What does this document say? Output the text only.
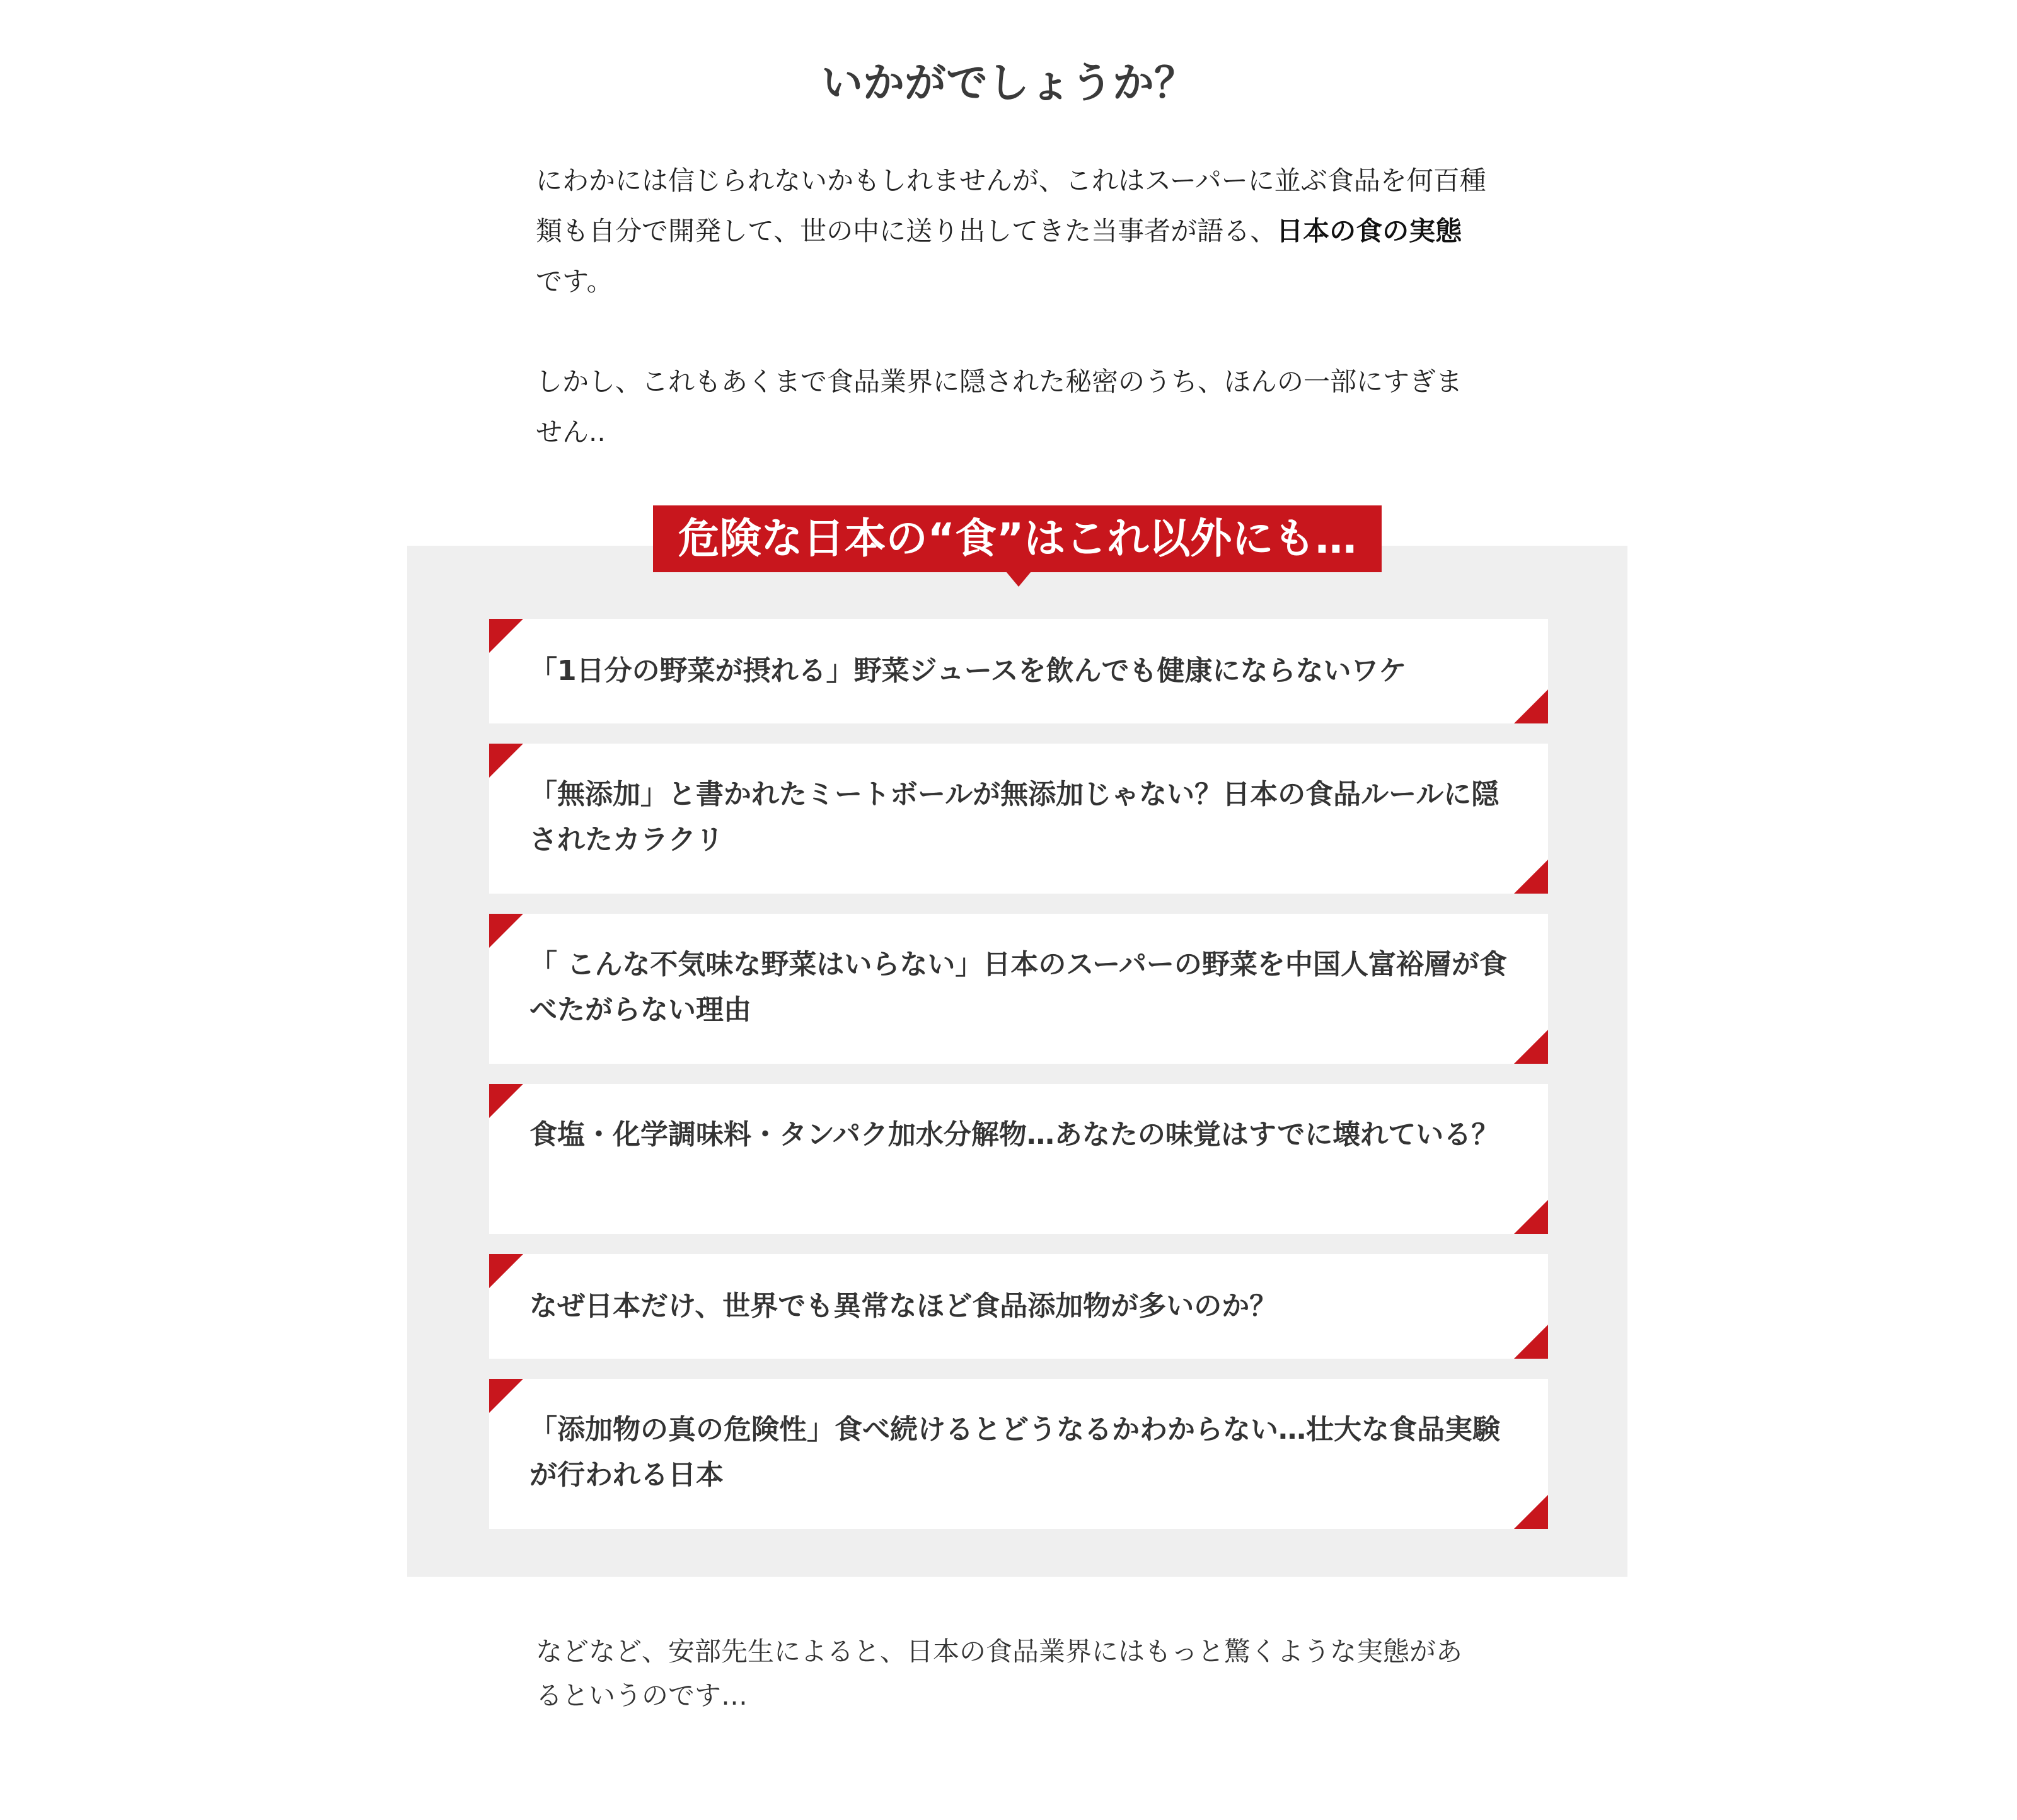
いかがでしょうか？

にわかには信じられないかもしれませんが、これはスーパーに並ぶ食品を何百種類も自分で開発して、世の中に送り出してきた当事者が語る、日本の食の実態です。

しかし、これもあくまで食品業界に隠された秘密のうち、ほんの一部にすぎません..

危険な日本の“食”はこれ以外にも…

「1日分の野菜が摂れる」野菜ジュースを飲んでも健康にならないワケ

「無添加」と書かれたミートボールが無添加じゃない？日本の食品ルールに隠されたカラクリ

「 こんな不気味な野菜はいらない」日本のスーパーの野菜を中国人富裕層が食べたがらない理由

食塩・化学調味料・タンパク加水分解物…あなたの味覚はすでに壊れている？

なぜ日本だけ、世界でも異常なほど食品添加物が多いのか？

「添加物の真の危険性」食べ続けるとどうなるかわからない…壮大な食品実験が行われる日本

などなど、安部先生によると、日本の食品業界にはもっと驚くような実態があるというのです…
